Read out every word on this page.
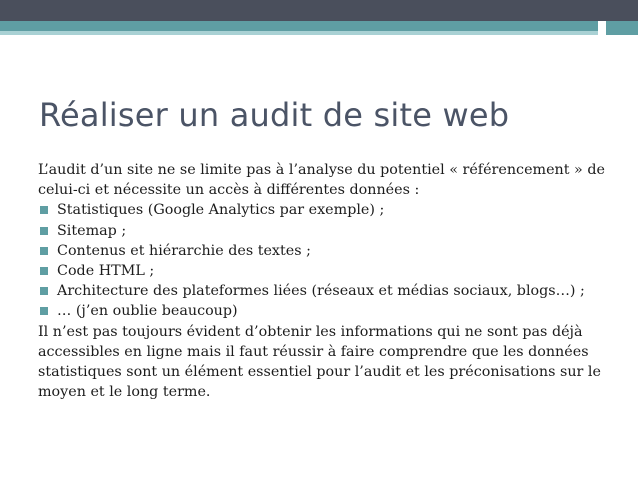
Réaliser un audit de site web

L’audit d’un site ne se limite pas à l’analyse du potentiel « référencement » de celui-ci et nécessite un accès à différentes données :

Statistiques (Google Analytics par exemple) ;
Sitemap ;
Contenus et hiérarchie des textes ;
Code HTML ;
Architecture des plateformes liées (réseaux et médias sociaux, blogs…) ;
… (j’en oublie beaucoup)

Il n’est pas toujours évident d’obtenir les informations qui ne sont pas déjà accessibles en ligne mais il faut réussir à faire comprendre que les données statistiques sont un élément essentiel pour l’audit et les préconisations sur le moyen et le long terme.
